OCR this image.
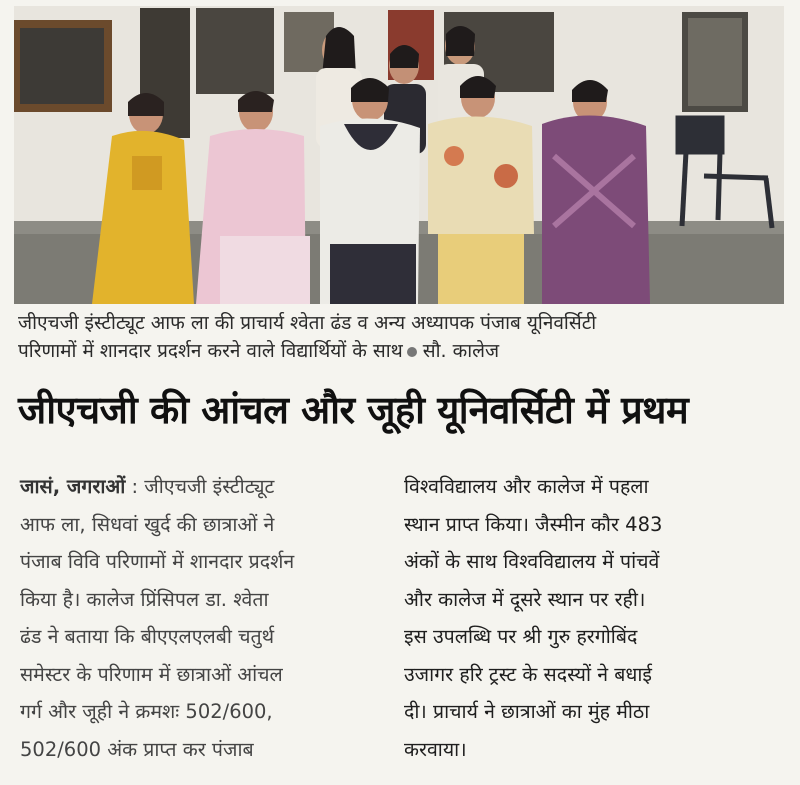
जीएचजी इंस्टीट्यूट आफ ला की प्राचार्य श्वेता ढंड व अन्य अध्यापक पंजाब यूनिवर्सिटी
परिणामों में शानदार प्रदर्शन करने वाले विद्यार्थियों के साथ सौ. कालेज
जीएचजी की आंचल और जूही यूनिवर्सिटी में प्रथम

जासं, जगराओं : जीएचजी इंस्टीट्यूट

आफ ला, सिधवां खुर्द की छात्राओं ने

पंजाब विवि परिणामों में शानदार प्रदर्शन

किया है। कालेज प्रिंसिपल डा. श्वेता

ढंड ने बताया कि बीएएलएलबी चतुर्थ

समेस्टर के परिणाम में छात्राओं आंचल

गर्ग और जूही ने क्रमशः 502/600,

502/600 अंक प्राप्त कर पंजाब

विश्वविद्यालय और कालेज में पहला

स्थान प्राप्त किया। जैस्मीन कौर 483

अंकों के साथ विश्वविद्यालय में पांचवें

और कालेज में दूसरे स्थान पर रही।

इस उपलब्धि पर श्री गुरु हरगोबिंद

उजागर हरि ट्रस्ट के सदस्यों ने बधाई

दी। प्राचार्य ने छात्राओं का मुंह मीठा

करवाया।
